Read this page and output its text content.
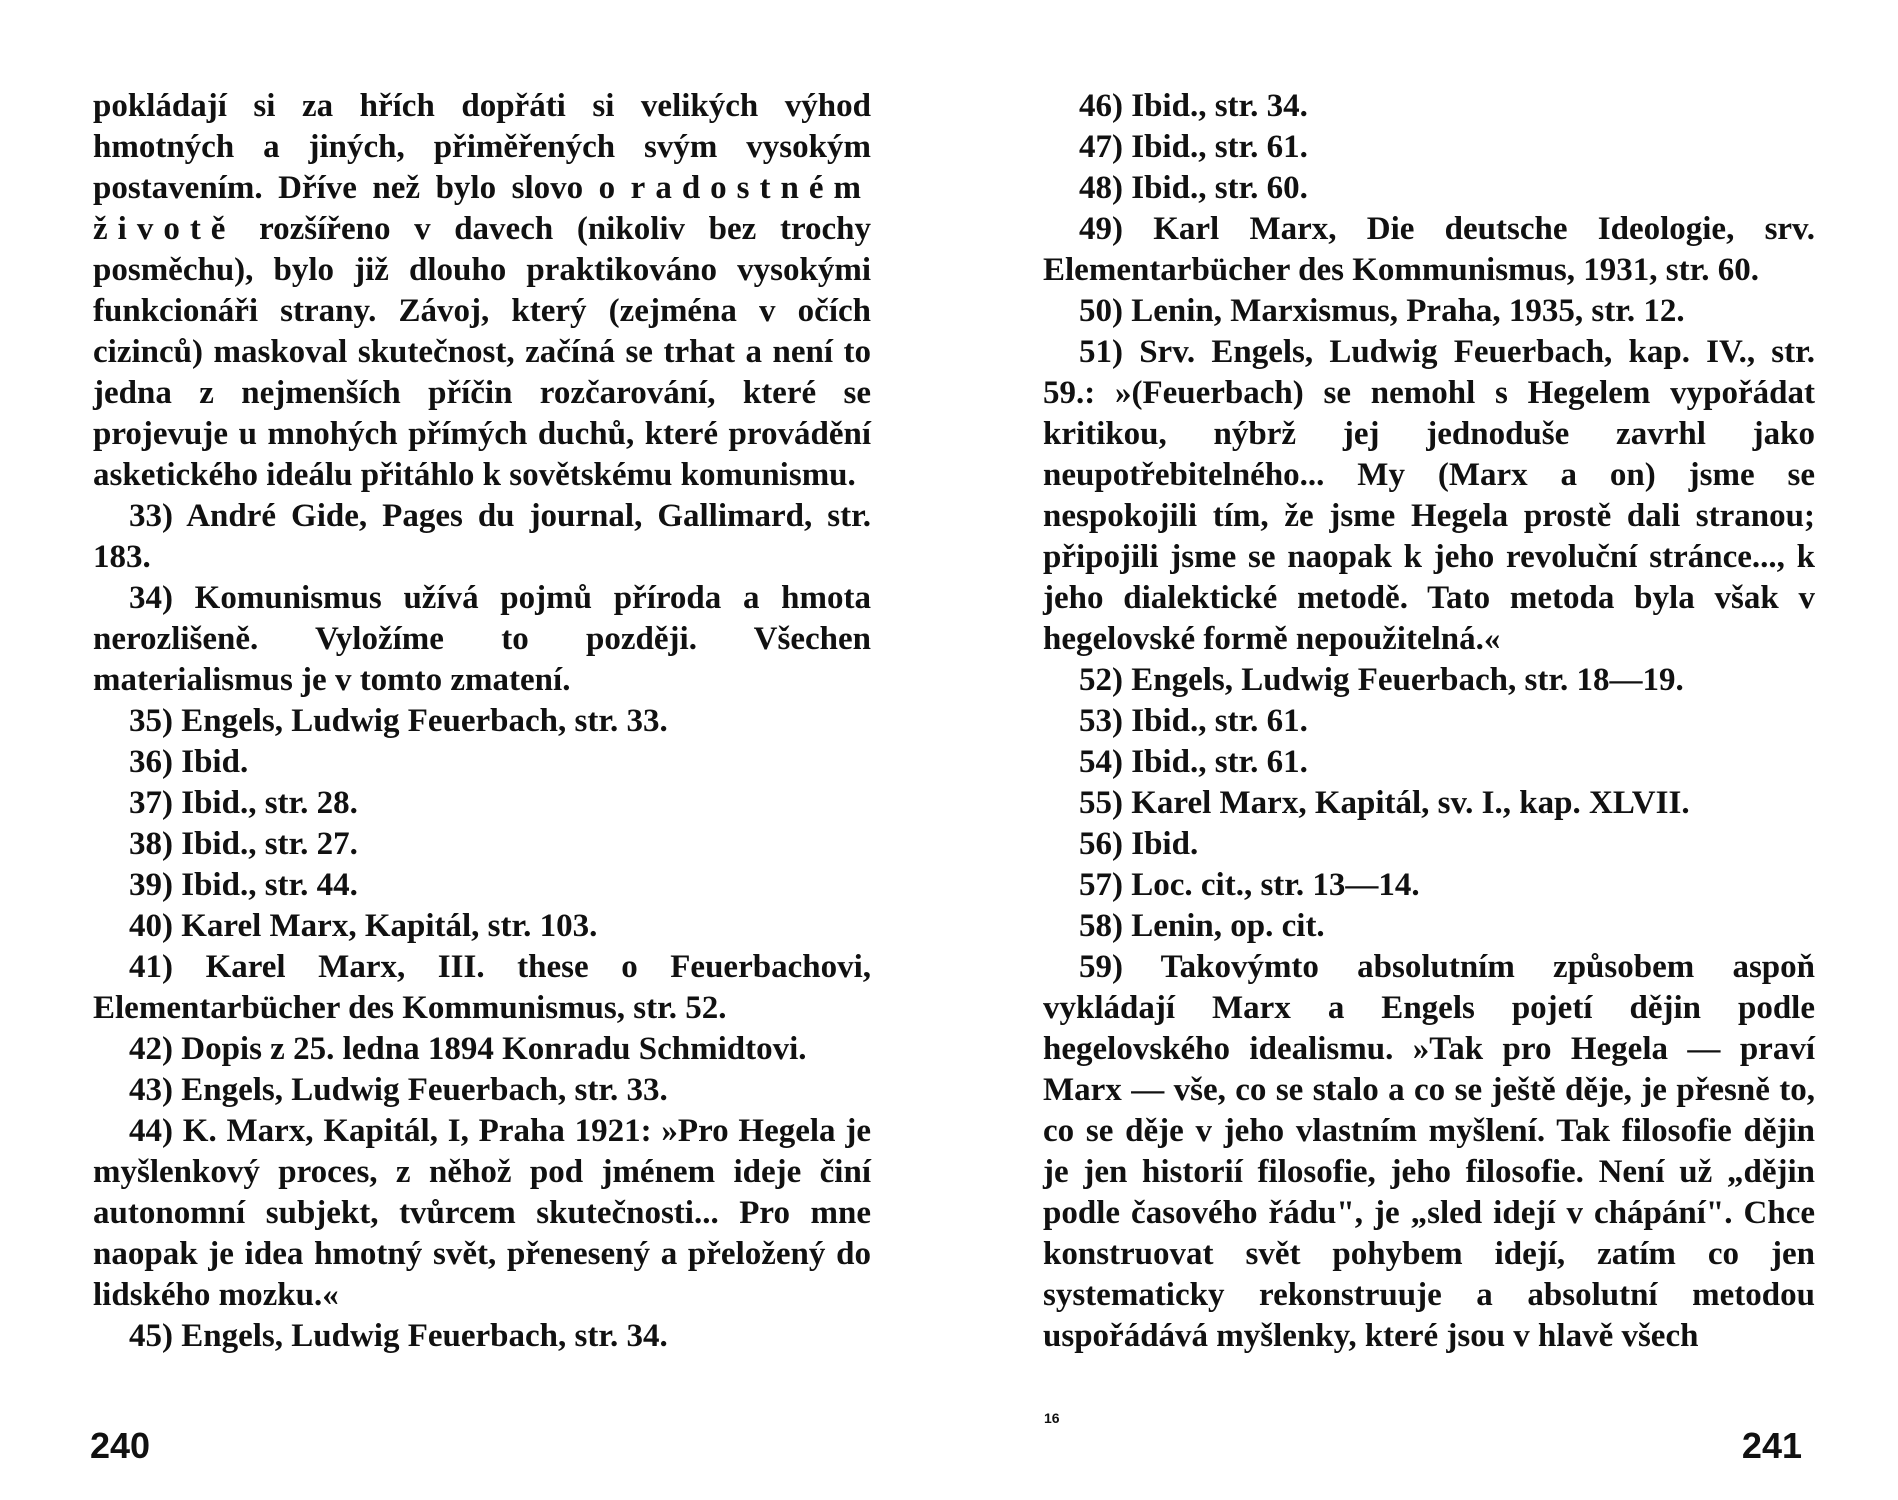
pokládají si za hřích dopřáti si velikých výhod hmotných a jiných, přiměřených svým vysokým postavením. Dříve než bylo slovo o radostném životě rozšířeno v davech (nikoliv bez trochy posměchu), bylo již dlouho praktikováno vysokými funkcionáři strany. Závoj, který (zejména v očích cizinců) maskoval skutečnost, začíná se trhat a není to jedna z nejmenších příčin rozčarování, které se projevuje u mnohých přímých duchů, které provádění asketického ideálu přitáhlo k sovětskému komunismu.

33) André Gide, Pages du journal, Gallimard, str. 183.

34) Komunismus užívá pojmů příroda a hmota nerozlišeně. Vyložíme to později. Všechen materialismus je v tomto zmatení.

35) Engels, Ludwig Feuerbach, str. 33.

36) Ibid.

37) Ibid., str. 28.

38) Ibid., str. 27.

39) Ibid., str. 44.

40) Karel Marx, Kapitál, str. 103.

41) Karel Marx, III. these o Feuerbachovi, Elementarbücher des Kommunismus, str. 52.

42) Dopis z 25. ledna 1894 Konradu Schmidtovi.

43) Engels, Ludwig Feuerbach, str. 33.

44) K. Marx, Kapitál, I, Praha 1921: »Pro Hegela je myšlenkový proces, z něhož pod jménem ideje činí autonomní subjekt, tvůrcem skutečnosti... Pro mne naopak je idea hmotný svět, přenesený a přeložený do lidského mozku.«

45) Engels, Ludwig Feuerbach, str. 34.

240

46) Ibid., str. 34.

47) Ibid., str. 61.

48) Ibid., str. 60.

49) Karl Marx, Die deutsche Ideologie, srv. Elementarbücher des Kommunismus, 1931, str. 60.

50) Lenin, Marxismus, Praha, 1935, str. 12.

51) Srv. Engels, Ludwig Feuerbach, kap. IV., str. 59.: »(Feuerbach) se nemohl s Hegelem vypořádat kritikou, nýbrž jej jednoduše zavrhl jako neupotřebitelného... My (Marx a on) jsme se nespokojili tím, že jsme Hegela prostě dali stranou; připojili jsme se naopak k jeho revoluční stránce..., k jeho dialektické metodě. Tato metoda byla však v hegelovské formě nepoužitelná.«

52) Engels, Ludwig Feuerbach, str. 18—19.

53) Ibid., str. 61.

54) Ibid., str. 61.

55) Karel Marx, Kapitál, sv. I., kap. XLVII.

56) Ibid.

57) Loc. cit., str. 13—14.

58) Lenin, op. cit.

59) Takovýmto absolutním způsobem aspoň vykládají Marx a Engels pojetí dějin podle hegelovského idealismu. »Tak pro Hegela — praví Marx — vše, co se stalo a co se ještě děje, je přesně to, co se děje v jeho vlastním myšlení. Tak filosofie dějin je jen historií filosofie, jeho filosofie. Není už „dějin podle časového řádu", je „sled idejí v chápání". Chce konstruovat svět pohybem idejí, zatím co jen systematicky rekonstruuje a absolutní metodou uspořádává myšlenky, které jsou v hlavě všech

16
241
